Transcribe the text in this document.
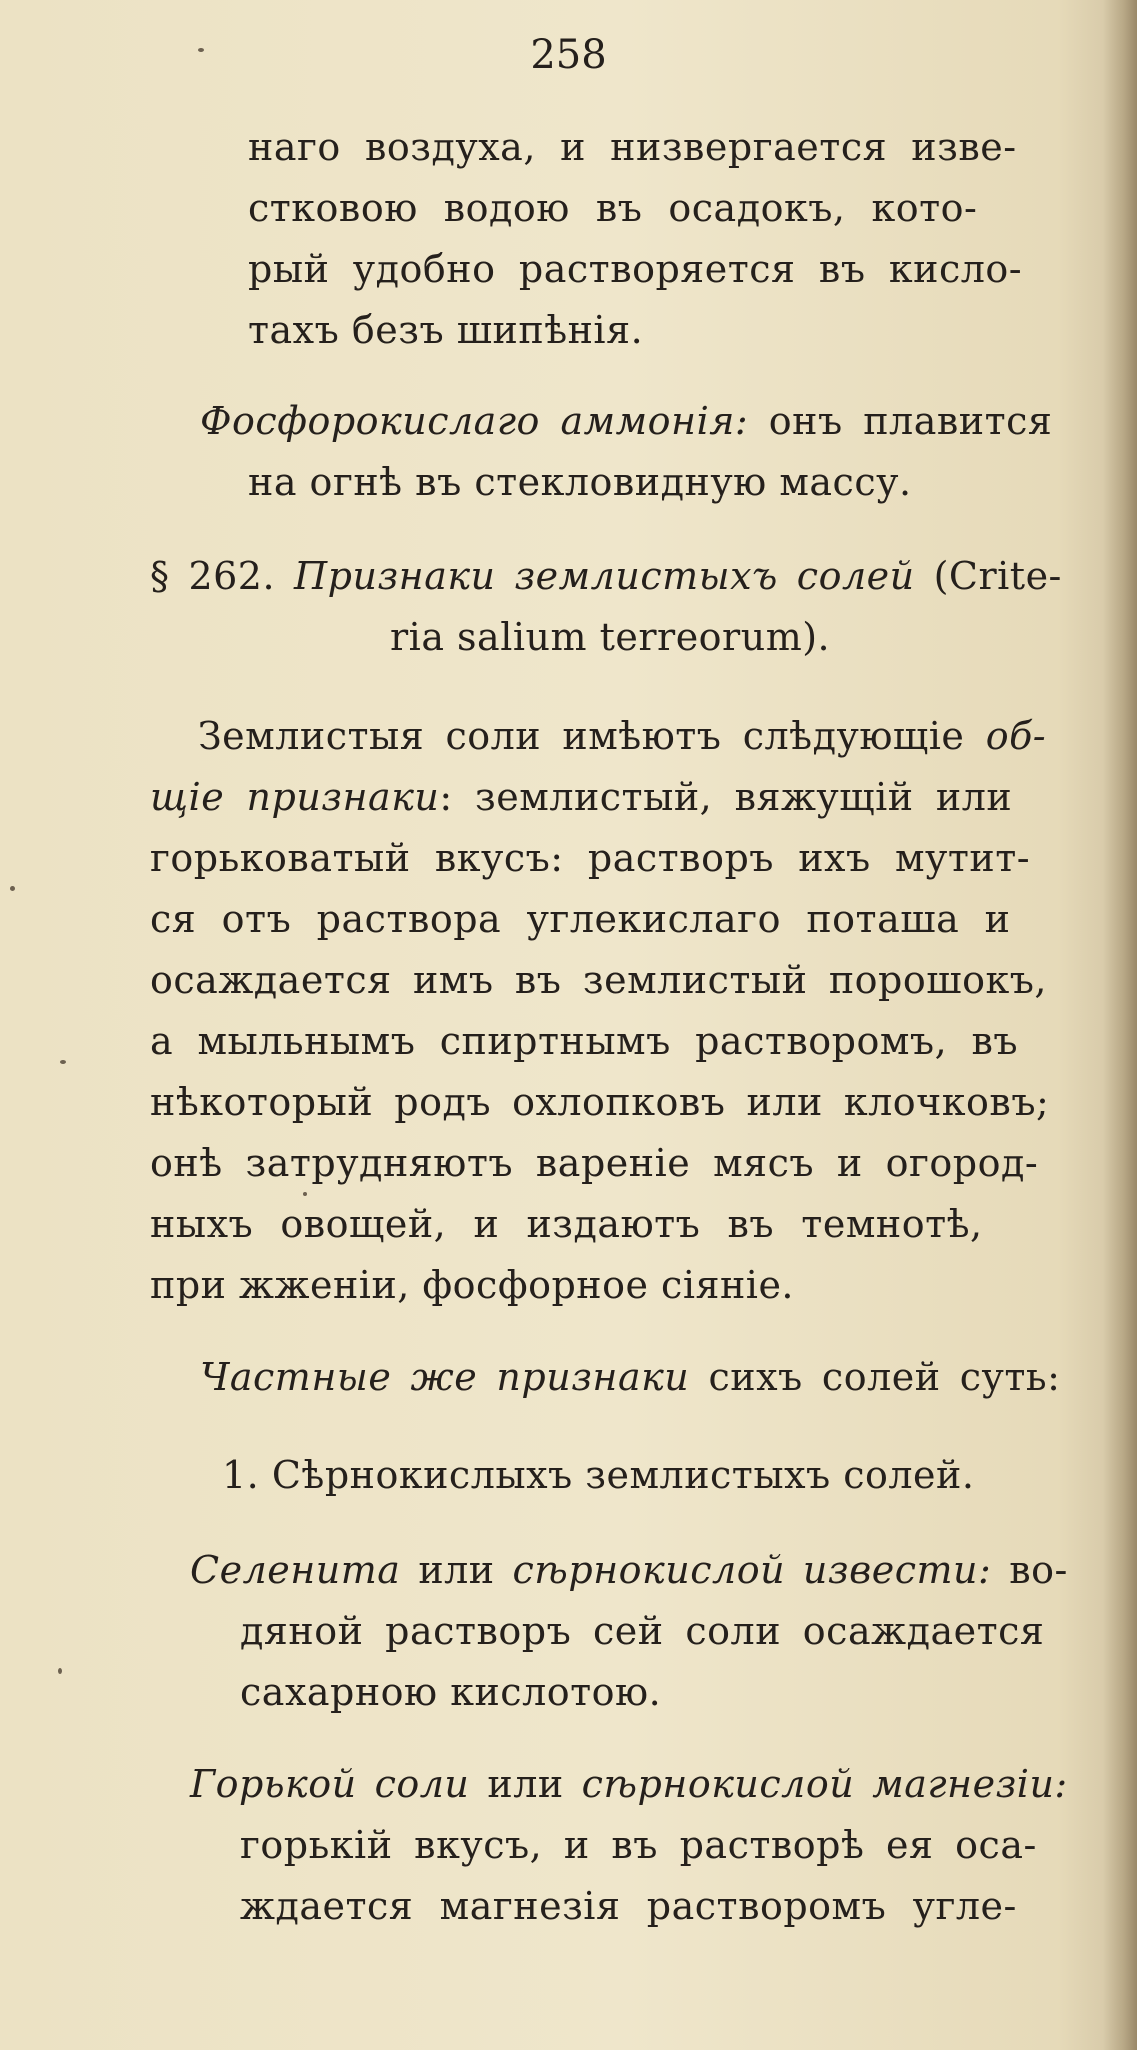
258
наго воздуха, и низвергается изве-
стковою водою въ осадокъ, кото-
рый удобно растворяется въ кисло-
тахъ безъ шипѣнія.
Фосфорокислаго аммонія: онъ плавится
на огнѣ въ стекловидную массу.
§ 262. Признаки землистыхъ солей (Crite-
ria salium terreorum).
Землистыя соли имѣютъ слѣдующіе об-
щіе признаки: землистый, вяжущій или
горьковатый вкусъ: растворъ ихъ мутит-
ся отъ раствора углекислаго поташа и
осаждается имъ въ землистый порошокъ,
а мыльнымъ спиртнымъ растворомъ, въ
нѣкоторый родъ охлопковъ или клочковъ;
онѣ затрудняютъ вареніе мясъ и огород-
ныхъ овощей, и издаютъ въ темнотѣ,
при жженіи, фосфорное сіяніе.
Частные же признаки сихъ солей суть:
1. Сѣрнокислыхъ землистыхъ солей.
Селенита или сѣрнокислой извести: во-
дяной растворъ сей соли осаждается
сахарною кислотою.
Горькой соли или сѣрнокислой магнезіи:
горькій вкусъ, и въ растворѣ ея оса-
ждается магнезія растворомъ угле-
